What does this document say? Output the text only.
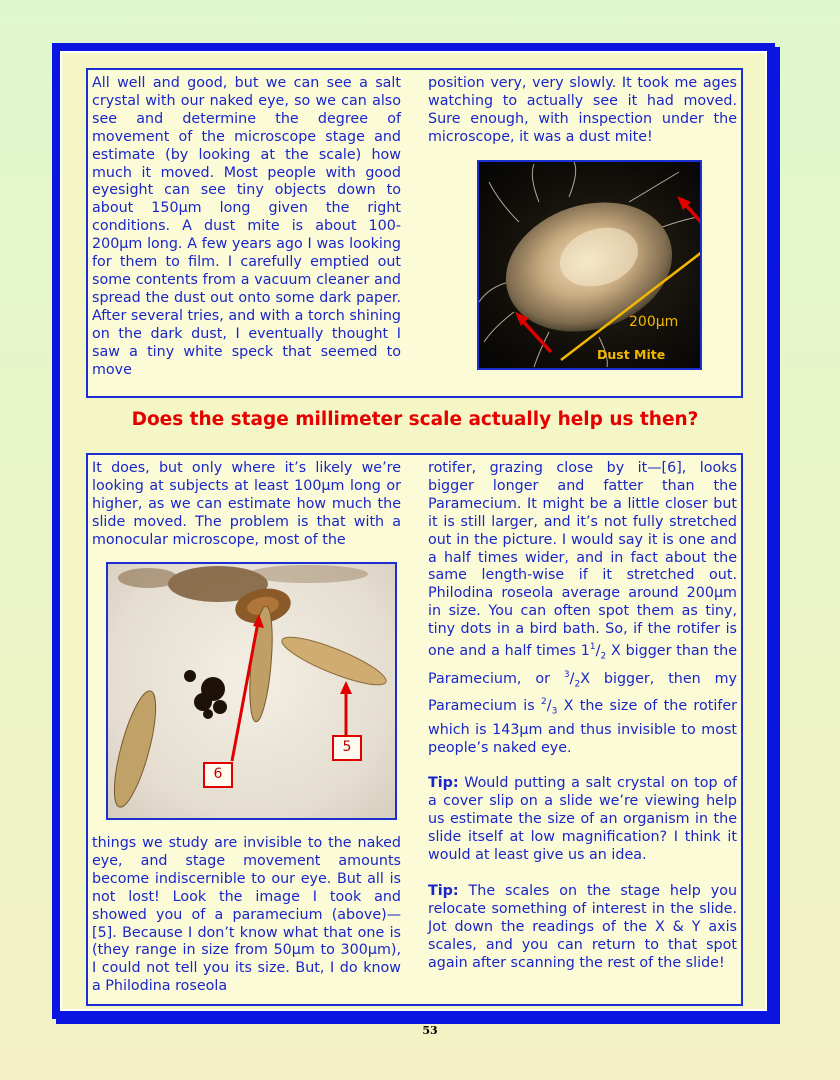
All well and good, but we can see a salt crystal with our naked eye, so we can also see and determine the degree of movement of the microscope stage and estimate (by looking at the scale) how much it moved. Most people with good eyesight can see tiny objects down to about 150µm long given the right conditions. A dust mite is about 100-200µm long. A few years ago I was looking for them to film. I carefully emptied out some contents from a vacuum cleaner and spread the dust out onto some dark paper. After several tries, and with a torch shining on the dark dust, I eventually thought I saw a tiny white speck that seemed to move

position very, very slowly. It took me ages watching to actually see it had moved. Sure enough, with inspection under the microscope, it was a dust mite!

200µm
Dust Mite
Does the stage millimeter scale actually help us then?

It does, but only where it’s likely we’re looking at subjects at least 100µm long or higher, as we can estimate how much the slide moved. The problem is that with a monocular microscope, most of the

5
6

things we study are invisible to the naked eye, and stage movement amounts become indiscernible to our eye. But all is not lost! Look the image I took and showed you of a paramecium (above)—[5]. Because I don’t know what that one is (they range in size from 50µm to 300µm), I could not tell you its size. But, I do know a Philodina roseola

rotifer, grazing close by it—[6], looks bigger longer and fatter than the Paramecium. It might be a little closer but it is still larger, and it’s not fully stretched out in the picture. I would say it is one and a half times wider, and in fact about the same length-wise if it stretched out. Philodina roseola average around 200µm in size. You can often spot them as tiny, tiny dots in a bird bath. So, if the rotifer is one and a half times $1^1/_2$ X bigger than the Paramecium, or $^3/_2X$ bigger, then my Paramecium is $^2/_3$ X the size of the rotifer which is 143µm and thus invisible to most people’s naked eye.

Tip: Would putting a salt crystal on top of a cover slip on a slide we’re viewing help us estimate the size of an organism in the slide itself at low magnification? I think it would at least give us an idea.

Tip: The scales on the stage help you relocate something of interest in the slide. Jot down the readings of the X & Y axis scales, and you can return to that spot again after scanning the rest of the slide!

53
